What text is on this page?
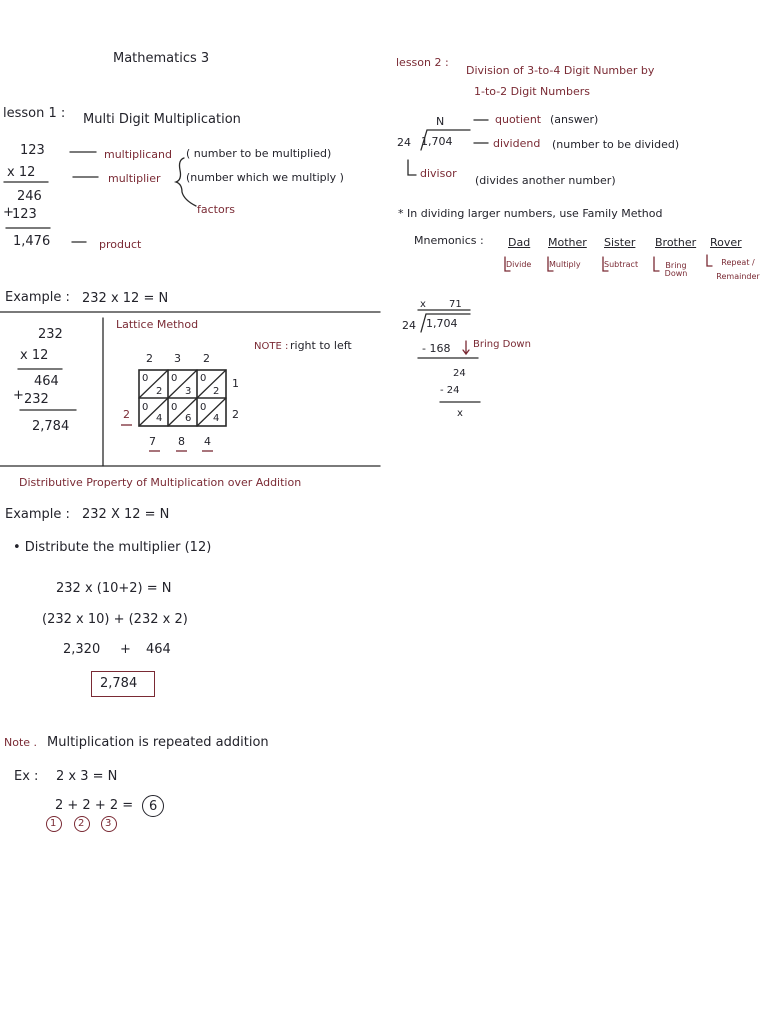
Mathematics 3
lesson 1 : Multi Digit Multiplication
123
x 12
246
+
123
1,476
multiplicand ( number to be multiplied)
multiplier (number which we multiply )
factors
product
Example : 232 x 12 = N
232
x 12
464
+ 232
2,784
Lattice Method
NOTE : right to left
2 3 2
1
2
2
7 8 4
0
2
0
3
0
2
0
4
0
6
0
4
Distributive Property of Multiplication over Addition
Example : 232 X 12 = N
• Distribute the multiplier (12)
232 x (10+2) = N
(232 x 10) + (232 x 2)
2,320 + 464
2,784
Note . Multiplication is repeated addition
Ex : 2 x 3 = N
2 + 2 + 2 = 6
1 2 3
lesson 2 :
Division of 3-to-4 Digit Number by
1-to-2 Digit Numbers
N
24 1,704
quotient (answer)
dividend (number to be divided)
divisor
(divides another number)
* In dividing larger numbers, use Family Method
Mnemonics : Dad Mother Sister Brother Rover
Divide Multiply	Subtract	Bring Down
Repeat / Remainder
x 71
24 1,704
- 168 Bring Down
24
- 24
x
